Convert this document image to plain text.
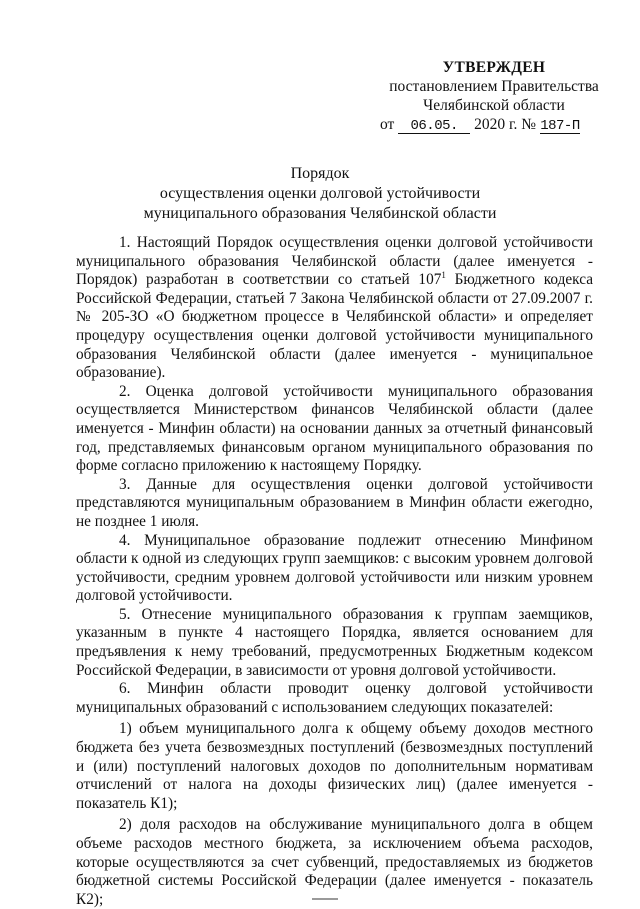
УТВЕРЖДЕН
постановлением Правительства
Челябинской области
от 06.05. 2020 г. № 187-П
Порядок
осуществления оценки долговой устойчивости
муниципального образования Челябинской области

1. Настоящий Порядок осуществления оценки долговой устойчивости муниципального образования Челябинской области (далее именуется - Порядок) разработан в соответствии со статьей $107^1$ Бюджетного кодекса Российской Федерации, статьей 7 Закона Челябинской области от 27.09.2007 г. № 205-ЗО «О бюджетном процессе в Челябинской области» и определяет процедуру осуществления оценки долговой устойчивости муниципального образования Челябинской области (далее именуется - муниципальное образование).

2. Оценка долговой устойчивости муниципального образования осуществляется Министерством финансов Челябинской области (далее именуется - Минфин области) на основании данных за отчетный финансовый год, представляемых финансовым органом муниципального образования по форме согласно приложению к настоящему Порядку.

3. Данные для осуществления оценки долговой устойчивости представляются муниципальным образованием в Минфин области ежегодно, не позднее 1 июля.

4. Муниципальное образование подлежит отнесению Минфином области к одной из следующих групп заемщиков: с высоким уровнем долговой устойчивости, средним уровнем долговой устойчивости или низким уровнем долговой устойчивости.

5. Отнесение муниципального образования к группам заемщиков, указанным в пункте 4 настоящего Порядка, является основанием для предъявления к нему требований, предусмотренных Бюджетным кодексом Российской Федерации, в зависимости от уровня долговой устойчивости.

6. Минфин области проводит оценку долговой устойчивости муниципальных образований с использованием следующих показателей:

1) объем муниципального долга к общему объему доходов местного бюджета без учета безвозмездных поступлений (безвозмездных поступлений и (или) поступлений налоговых доходов по дополнительным нормативам отчислений от налога на доходы физических лиц) (далее именуется - показатель К1);

2) доля расходов на обслуживание муниципального долга в общем объеме расходов местного бюджета, за исключением объема расходов, которые осуществляются за счет субвенций, предоставляемых из бюджетов бюджетной системы Российской Федерации (далее именуется - показатель К2);
